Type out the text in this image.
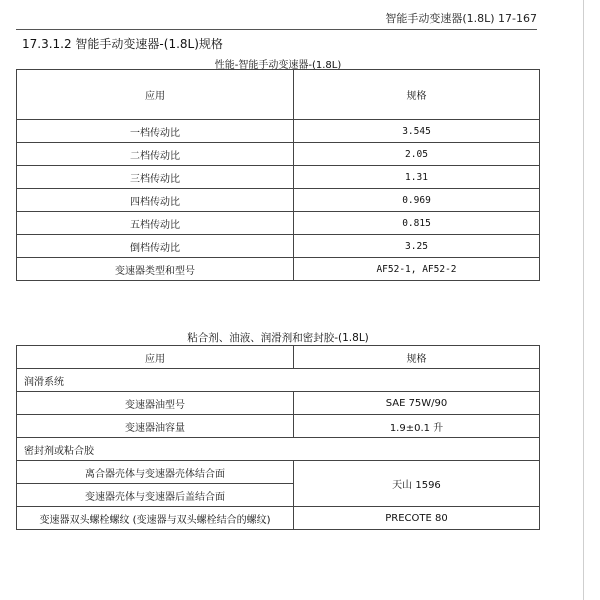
智能手动变速器(1.8L) 17-167
17.3.1.2 智能手动变速器-(1.8L)规格
性能-智能手动变速器-(1.8L)
应用	规格
一档传动比	3.545
二档传动比	2.05
三档传动比	1.31
四档传动比	0.969
五档传动比	0.815
倒档传动比	3.25
变速器类型和型号	AF52-1, AF52-2
粘合剂、油液、润滑剂和密封胶-(1.8L)
应用	规格
润滑系统	
变速器油型号	SAE 75W/90
变速器油容量	1.9±0.1 升
密封剂或粘合胶	
离合器壳体与变速器壳体结合面	天山 1596
变速器壳体与变速器后盖结合面	
变速器双头螺栓螺纹 (变速器与双头螺栓结合的螺纹)	PRECOTE 80
